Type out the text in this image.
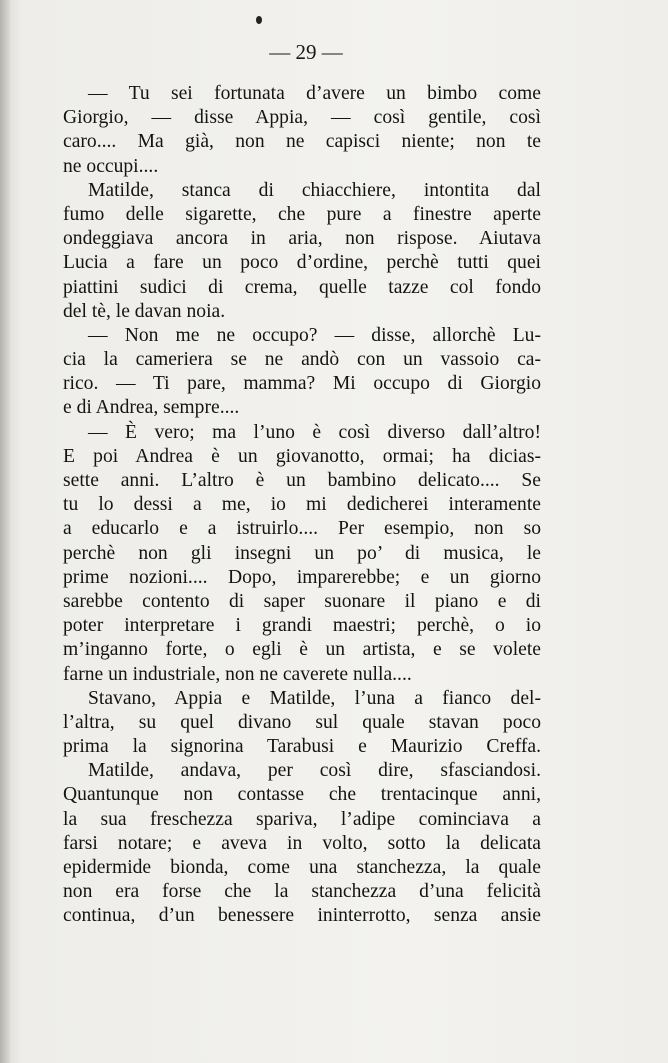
— 29 —
— Tu sei fortunata d’avere un bimbo come
Giorgio, — disse Appia, — così gentile, così
caro.... Ma già, non ne capisci niente; non te
ne occupi....
Matilde, stanca di chiacchiere, intontita dal
fumo delle sigarette, che pure a finestre aperte
ondeggiava ancora in aria, non rispose. Aiutava
Lucia a fare un poco d’ordine, perchè tutti quei
piattini sudici di crema, quelle tazze col fondo
del tè, le davan noia.
— Non me ne occupo? — disse, allorchè Lu-
cia la cameriera se ne andò con un vassoio ca-
rico. — Ti pare, mamma? Mi occupo di Giorgio
e di Andrea, sempre....
— È vero; ma l’uno è così diverso dall’altro!
E poi Andrea è un giovanotto, ormai; ha dicias-
sette anni. L’altro è un bambino delicato.... Se
tu lo dessi a me, io mi dedicherei interamente
a educarlo e a istruirlo.... Per esempio, non so
perchè non gli insegni un po’ di musica, le
prime nozioni.... Dopo, imparerebbe; e un giorno
sarebbe contento di saper suonare il piano e di
poter interpretare i grandi maestri; perchè, o io
m’inganno forte, o egli è un artista, e se volete
farne un industriale, non ne caverete nulla....
Stavano, Appia e Matilde, l’una a fianco del-
l’altra, su quel divano sul quale stavan poco
prima la signorina Tarabusi e Maurizio Creffa.
Matilde, andava, per così dire, sfasciandosi.
Quantunque non contasse che trentacinque anni,
la sua freschezza spariva, l’adipe cominciava a
farsi notare; e aveva in volto, sotto la delicata
epidermide bionda, come una stanchezza, la quale
non era forse che la stanchezza d’una felicità
continua, d’un benessere ininterrotto, senza ansie
